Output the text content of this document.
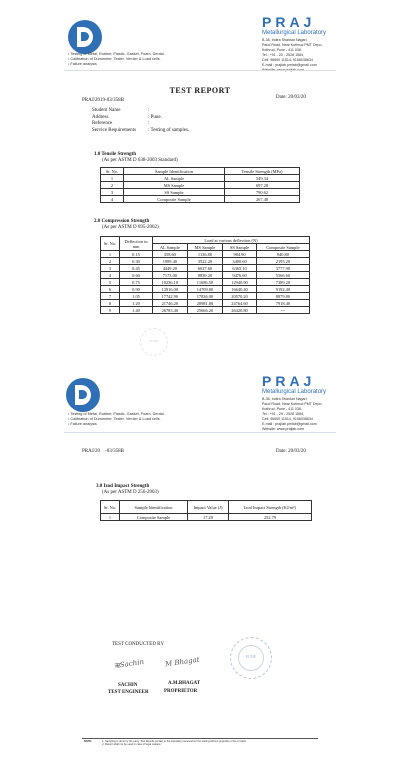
PRAJ
Metallurgical Laboratory
B-38, Indira Shankar Nagari,
Paud Road, Near Kothrud PMT Depo,
Kothrud, Pune - 411 038.
Tel.: +91 - 20 - 2528 1584,
Cell: 96650 11514, 9158038634
E-mail : prajlab.pmlab@gmail.com
• Testing of Metal, Rubber, Plastic, Gasket, Foam, Dental.
• Calibration of Durometer, Tester, Vernier & Load cells.
• Failure analysis
TEST REPORT
PRAJ/2019-03/358B
Date: 20/03/20
Student Name	:
Address	: Pune.
Reference	:
Service Requirements	: Testing of samples.
1.0 Tensile Strength
(As per ASTM D 638-2003 Standard)
Sr. No.	Sample Identification	Tensile Strength (MPa)
1	AL Sample	549.34
2	MS Sample	697.28
3	SS Sample	790.62
4	Composite Sample	267.48
2.0 Compression Strength
(As per ASTM D 695-2002)
Sr. No.	Deflection in mm	Load at various deflection (N)			
		AL Sample	MS Sample	SS Sample	Composite Sample
1	0.15	358.60	1136.80	984.90	940.80
2	0.30	1989.40	3522.20	3400.60	2195.20
3	0.45	4449.20	6027.60	6365.10	3777.90
4	0.60	7173.00	8839.20	9476.60	5566.60
5	0.75	10236.10	11686.50	12940.90	7389.20
6	0.90	13916.00	14709.80	16640.40	9192.40
7	1.05	17742.90	17836.00	20570.20	8879.80
8	1.20	21746.20	20981.80	24764.60	7918.40
9	1.40	26783.40	25666.20	26420.80	---
PUNE
PRAJ
Metallurgical Laboratory
B-38, Indira Shankar Nagari,
Paud Road, Near Kothrud PMT Depo,
Kothrud, Pune - 411 038.
Tel.: +91 - 20 - 2528 1584,
Cell: 96650 11514, 9158038634
E-mail : prajlab.pmlab@gmail.com
Website: www.prajlab.com
• Testing of Metal, Rubber, Plastic, Gasket, Foam, Dental.
• Calibration of Durometer, Tester, Vernier & Load cells.
• Failure analysis
PRAJ/20    -03/358B	Date: 20/03/20
3.0 Izod Impact Strength
(As per ASTM D 256-2003)
Sr. No.	Sample Identification	Impact Value (J)	Izod Impact Strength (KJ/m²)
1	Composite Sample	17.20	252.79
TEST CONDUCTED BY
ऋSachin	M Bhagat
SACHIN
TEST ENGINEER
A.M.BHAGAT
PROPRIETOR
PUNE
NOTE:	1. Sampling is done by the party. Test Results pertain to the sample(s) received for the testing without prejudice of lot or batch.
2. Report shall not be used in case of legal matters.
